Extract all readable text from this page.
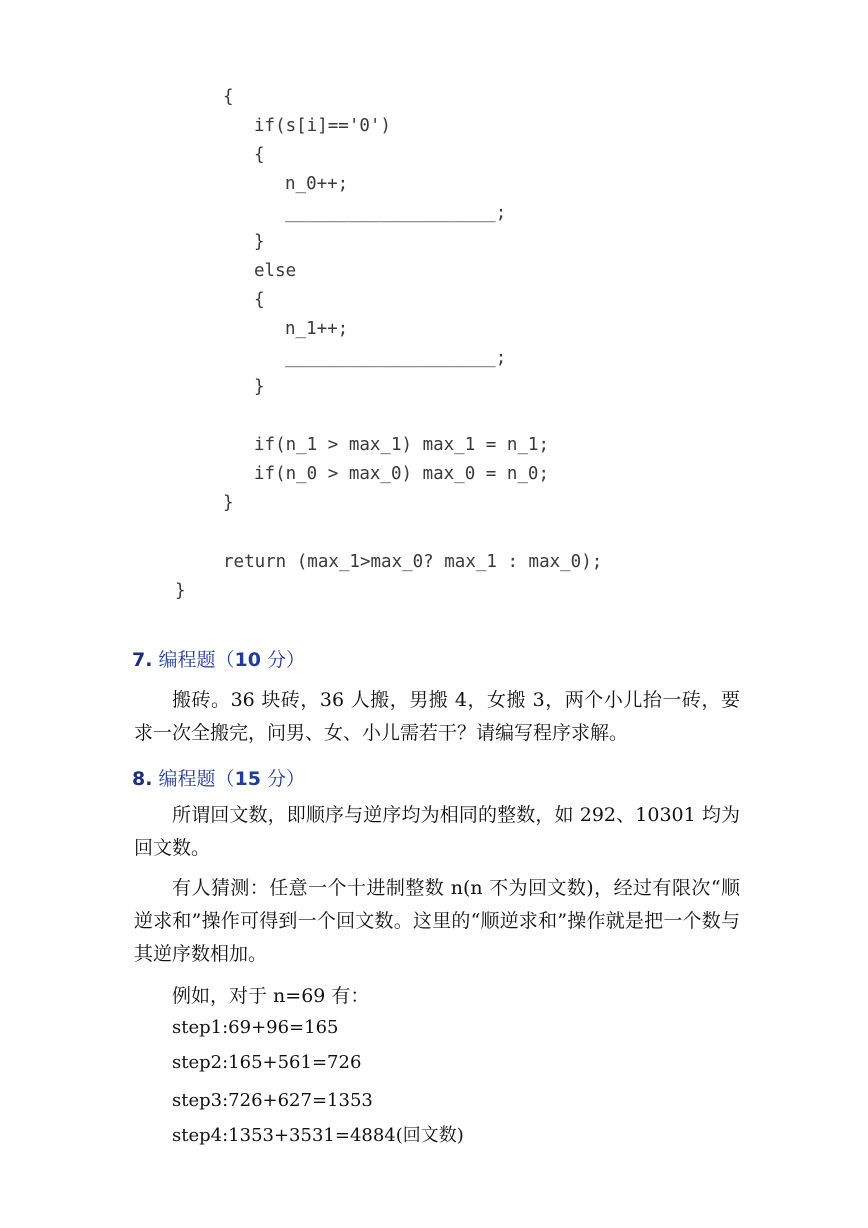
{
if(s[i]=='0')
{
n_0++;
____________________;
}
else
{
n_1++;
____________________;
}
if(n_1 > max_1) max_1 = n_1;
if(n_0 > max_0) max_0 = n_0;
}
return (max_1>max_0? max_1 : max_0);
}
7. 编程题（10 分）

搬砖。36 块砖，36 人搬，男搬 4，女搬 3，两个小儿抬一砖，要求一次全搬完，问男、女、小儿需若干？请编写程序求解。

8. 编程题（15 分）

所谓回文数，即顺序与逆序均为相同的整数，如 292、10301 均为回文数。

有人猜测：任意一个十进制整数 n(n 不为回文数)，经过有限次“顺逆求和”操作可得到一个回文数。这里的“顺逆求和”操作就是把一个数与其逆序数相加。

例如，对于 n=69 有：

step1:69+96=165
step2:165+561=726
step3:726+627=1353
step4:1353+3531=4884(回文数)
